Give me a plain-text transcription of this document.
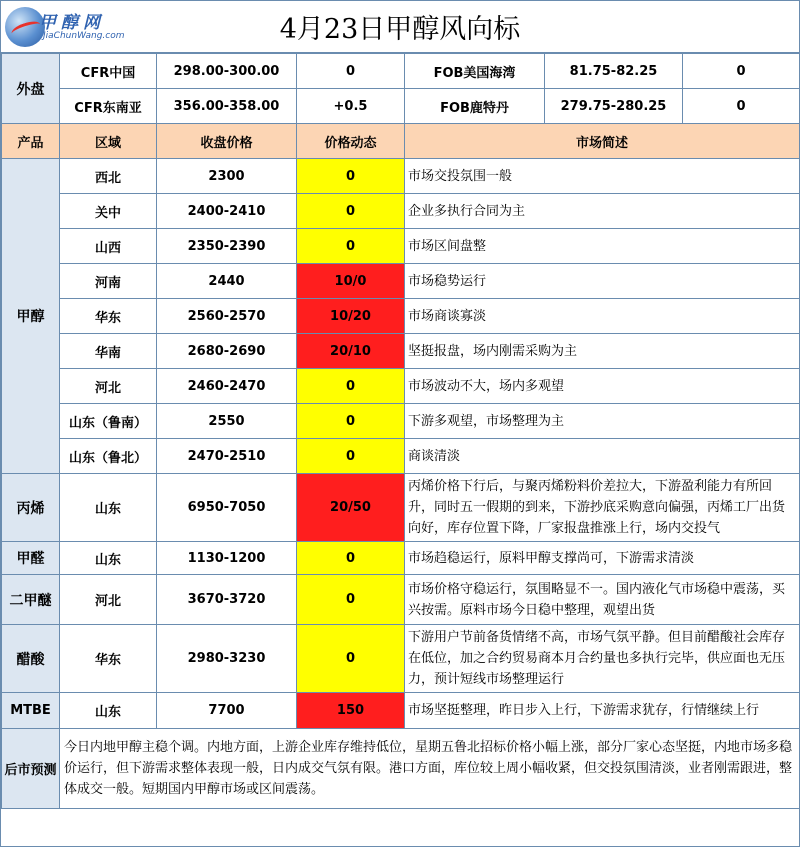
甲醇网
JiaChunWang.com	4月23日甲醇风向标
外盘	CFR中国	298.00-300.00	0	FOB美国海湾	81.75-82.25	0
	CFR东南亚	356.00-358.00	+0.5	FOB鹿特丹	279.75-280.25	0
产品	区域	收盘价格	价格动态	市场简述		
甲醇	西北	2300	0	市场交投氛围一般		
	关中	2400-2410	0	企业多执行合同为主		
	山西	2350-2390	0	市场区间盘整		
	河南	2440	10/0	市场稳势运行		
	华东	2560-2570	10/20	市场商谈寡淡		
	华南	2680-2690	20/10	坚挺报盘，场内刚需采购为主		
	河北	2460-2470	0	市场波动不大，场内多观望		
	山东（鲁南）	2550	0	下游多观望，市场整理为主		
	山东（鲁北）	2470-2510	0	商谈清淡		
丙烯	山东	6950-7050	20/50	丙烯价格下行后，与聚丙烯粉料价差拉大，下游盈利能力有所回升，同时五一假期的到来，下游抄底采购意向偏强，丙烯工厂出货向好，库存位置下降，厂家报盘推涨上行，场内交投气		
甲醛	山东	1130-1200	0	市场趋稳运行，原料甲醇支撑尚可，下游需求清淡		
二甲醚	河北	3670-3720	0	市场价格守稳运行，氛围略显不一。国内液化气市场稳中震荡，买兴按需。原料市场今日稳中整理，观望出货		
醋酸	华东	2980-3230	0	下游用户节前备货情绪不高，市场气氛平静。但目前醋酸社会库存在低位，加之合约贸易商本月合约量也多执行完毕，供应面也无压力，预计短线市场整理运行		
MTBE	山东	7700	150	市场坚挺整理，昨日步入上行，下游需求犹存，行情继续上行		
后市预测	今日内地甲醇主稳个调。内地方面，上游企业库存维持低位，星期五鲁北招标价格小幅上涨，部分厂家心态坚挺，内地市场多稳价运行，但下游需求整体表现一般，日内成交气氛有限。港口方面，库位较上周小幅收紧，但交投氛围清淡，业者刚需跟进，整体成交一般。短期国内甲醇市场或区间震荡。
